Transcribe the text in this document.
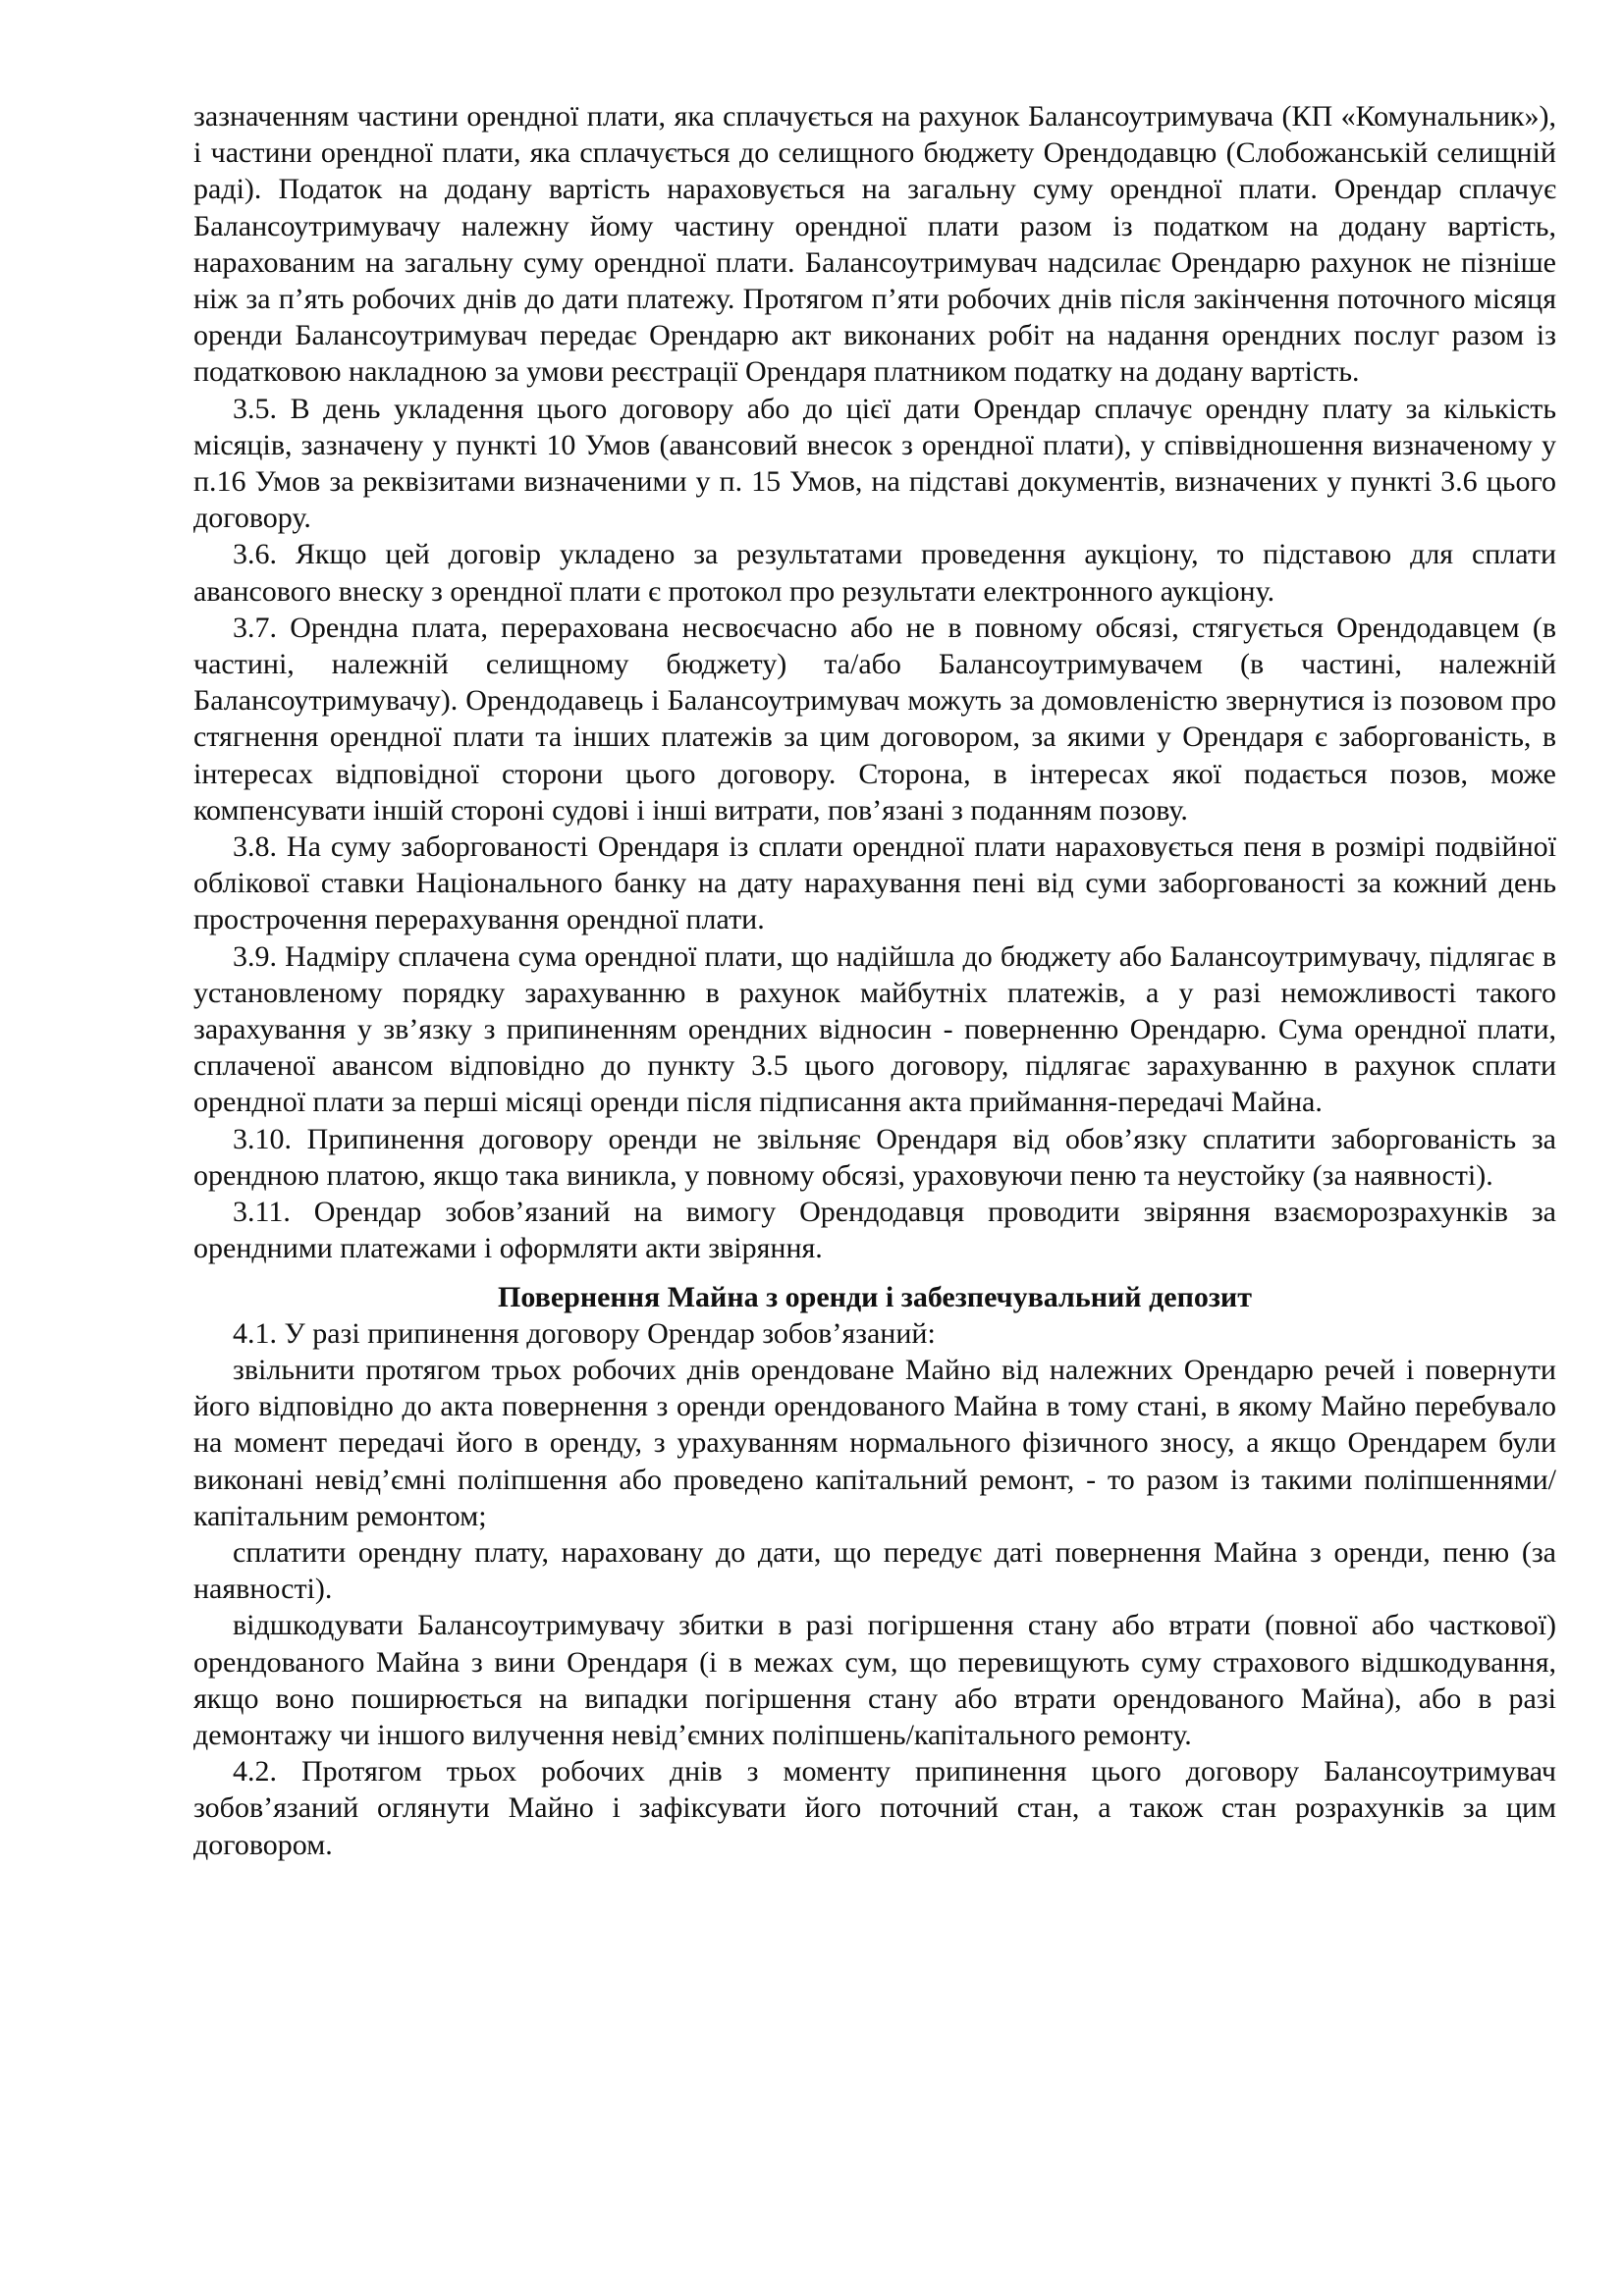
зазначенням частини орендної плати, яка сплачується на рахунок Балансоутримувача (КП «Комунальник»), і частини орендної плати, яка сплачується до селищного бюджету Орендодавцю (Слобожанській селищній раді). Податок на додану вартість нараховується на загальну суму орендної плати. Орендар сплачує Балансоутримувачу належну йому частину орендної плати разом із податком на додану вартість, нарахованим на загальну суму орендної плати. Балансоутримувач надсилає Орендарю рахунок не пізніше ніж за п’ять робочих днів до дати платежу. Протягом п’яти робочих днів після закінчення поточного місяця оренди Балансоутримувач передає Орендарю акт виконаних робіт на надання орендних послуг разом із податковою накладною за умови реєстрації Орендаря платником податку на додану вартість.

3.5. В день укладення цього договору або до цієї дати Орендар сплачує орендну плату за кількість місяців, зазначену у пункті 10 Умов (авансовий внесок з орендної плати), у співвідношення визначеному у п.16 Умов за реквізитами визначеними у п. 15 Умов, на підставі документів, визначених у пункті 3.6 цього договору.

3.6. Якщо цей договір укладено за результатами проведення аукціону, то підставою для сплати авансового внеску з орендної плати є протокол про результати електронного аукціону.

3.7. Орендна плата, перерахована несвоєчасно або не в повному обсязі, стягується Орендодавцем (в частині, належній селищному бюджету) та/або Балансоутримувачем (в частині, належній Балансоутримувачу). Орендодавець і Балансоутримувач можуть за домовленістю звернутися із позовом про стягнення орендної плати та інших платежів за цим договором, за якими у Орендаря є заборгованість, в інтересах відповідної сторони цього договору. Сторона, в інтересах якої подається позов, може компенсувати іншій стороні судові і інші витрати, пов’язані з поданням позову.

3.8. На суму заборгованості Орендаря із сплати орендної плати нараховується пеня в розмірі подвійної облікової ставки Національного банку на дату нарахування пені від суми заборгованості за кожний день прострочення перерахування орендної плати.

3.9. Надміру сплачена сума орендної плати, що надійшла до бюджету або Балансоутримувачу, підлягає в установленому порядку зарахуванню в рахунок майбутніх платежів, а у разі неможливості такого зарахування у зв’язку з припиненням орендних відносин - поверненню Орендарю. Сума орендної плати, сплаченої авансом відповідно до пункту 3.5 цього договору, підлягає зарахуванню в рахунок сплати орендної плати за перші місяці оренди після підписання акта приймання-передачі Майна.

3.10. Припинення договору оренди не звільняє Орендаря від обов’язку сплатити заборгованість за орендною платою, якщо така виникла, у повному обсязі, ураховуючи пеню та неустойку (за наявності).

3.11. Орендар зобов’язаний на вимогу Орендодавця проводити звіряння взаєморозрахунків за орендними платежами і оформляти акти звіряння.

Повернення Майна з оренди і забезпечувальний депозит

4.1. У разі припинення договору Орендар зобов’язаний:

звільнити протягом трьох робочих днів орендоване Майно від належних Орендарю речей і повернути його відповідно до акта повернення з оренди орендованого Майна в тому стані, в якому Майно перебувало на момент передачі його в оренду, з урахуванням нормального фізичного зносу, а якщо Орендарем були виконані невід’ємні поліпшення або проведено капітальний ремонт, - то разом із такими поліпшеннями/капітальним ремонтом;

сплатити орендну плату, нараховану до дати, що передує даті повернення Майна з оренди, пеню (за наявності).

відшкодувати Балансоутримувачу збитки в разі погіршення стану або втрати (повної або часткової) орендованого Майна з вини Орендаря (і в межах сум, що перевищують суму страхового відшкодування, якщо воно поширюється на випадки погіршення стану або втрати орендованого Майна), або в разі демонтажу чи іншого вилучення невід’ємних поліпшень/капітального ремонту.

4.2. Протягом трьох робочих днів з моменту припинення цього договору Балансоутримувач зобов’язаний оглянути Майно і зафіксувати його поточний стан, а також стан розрахунків за цим договором.
